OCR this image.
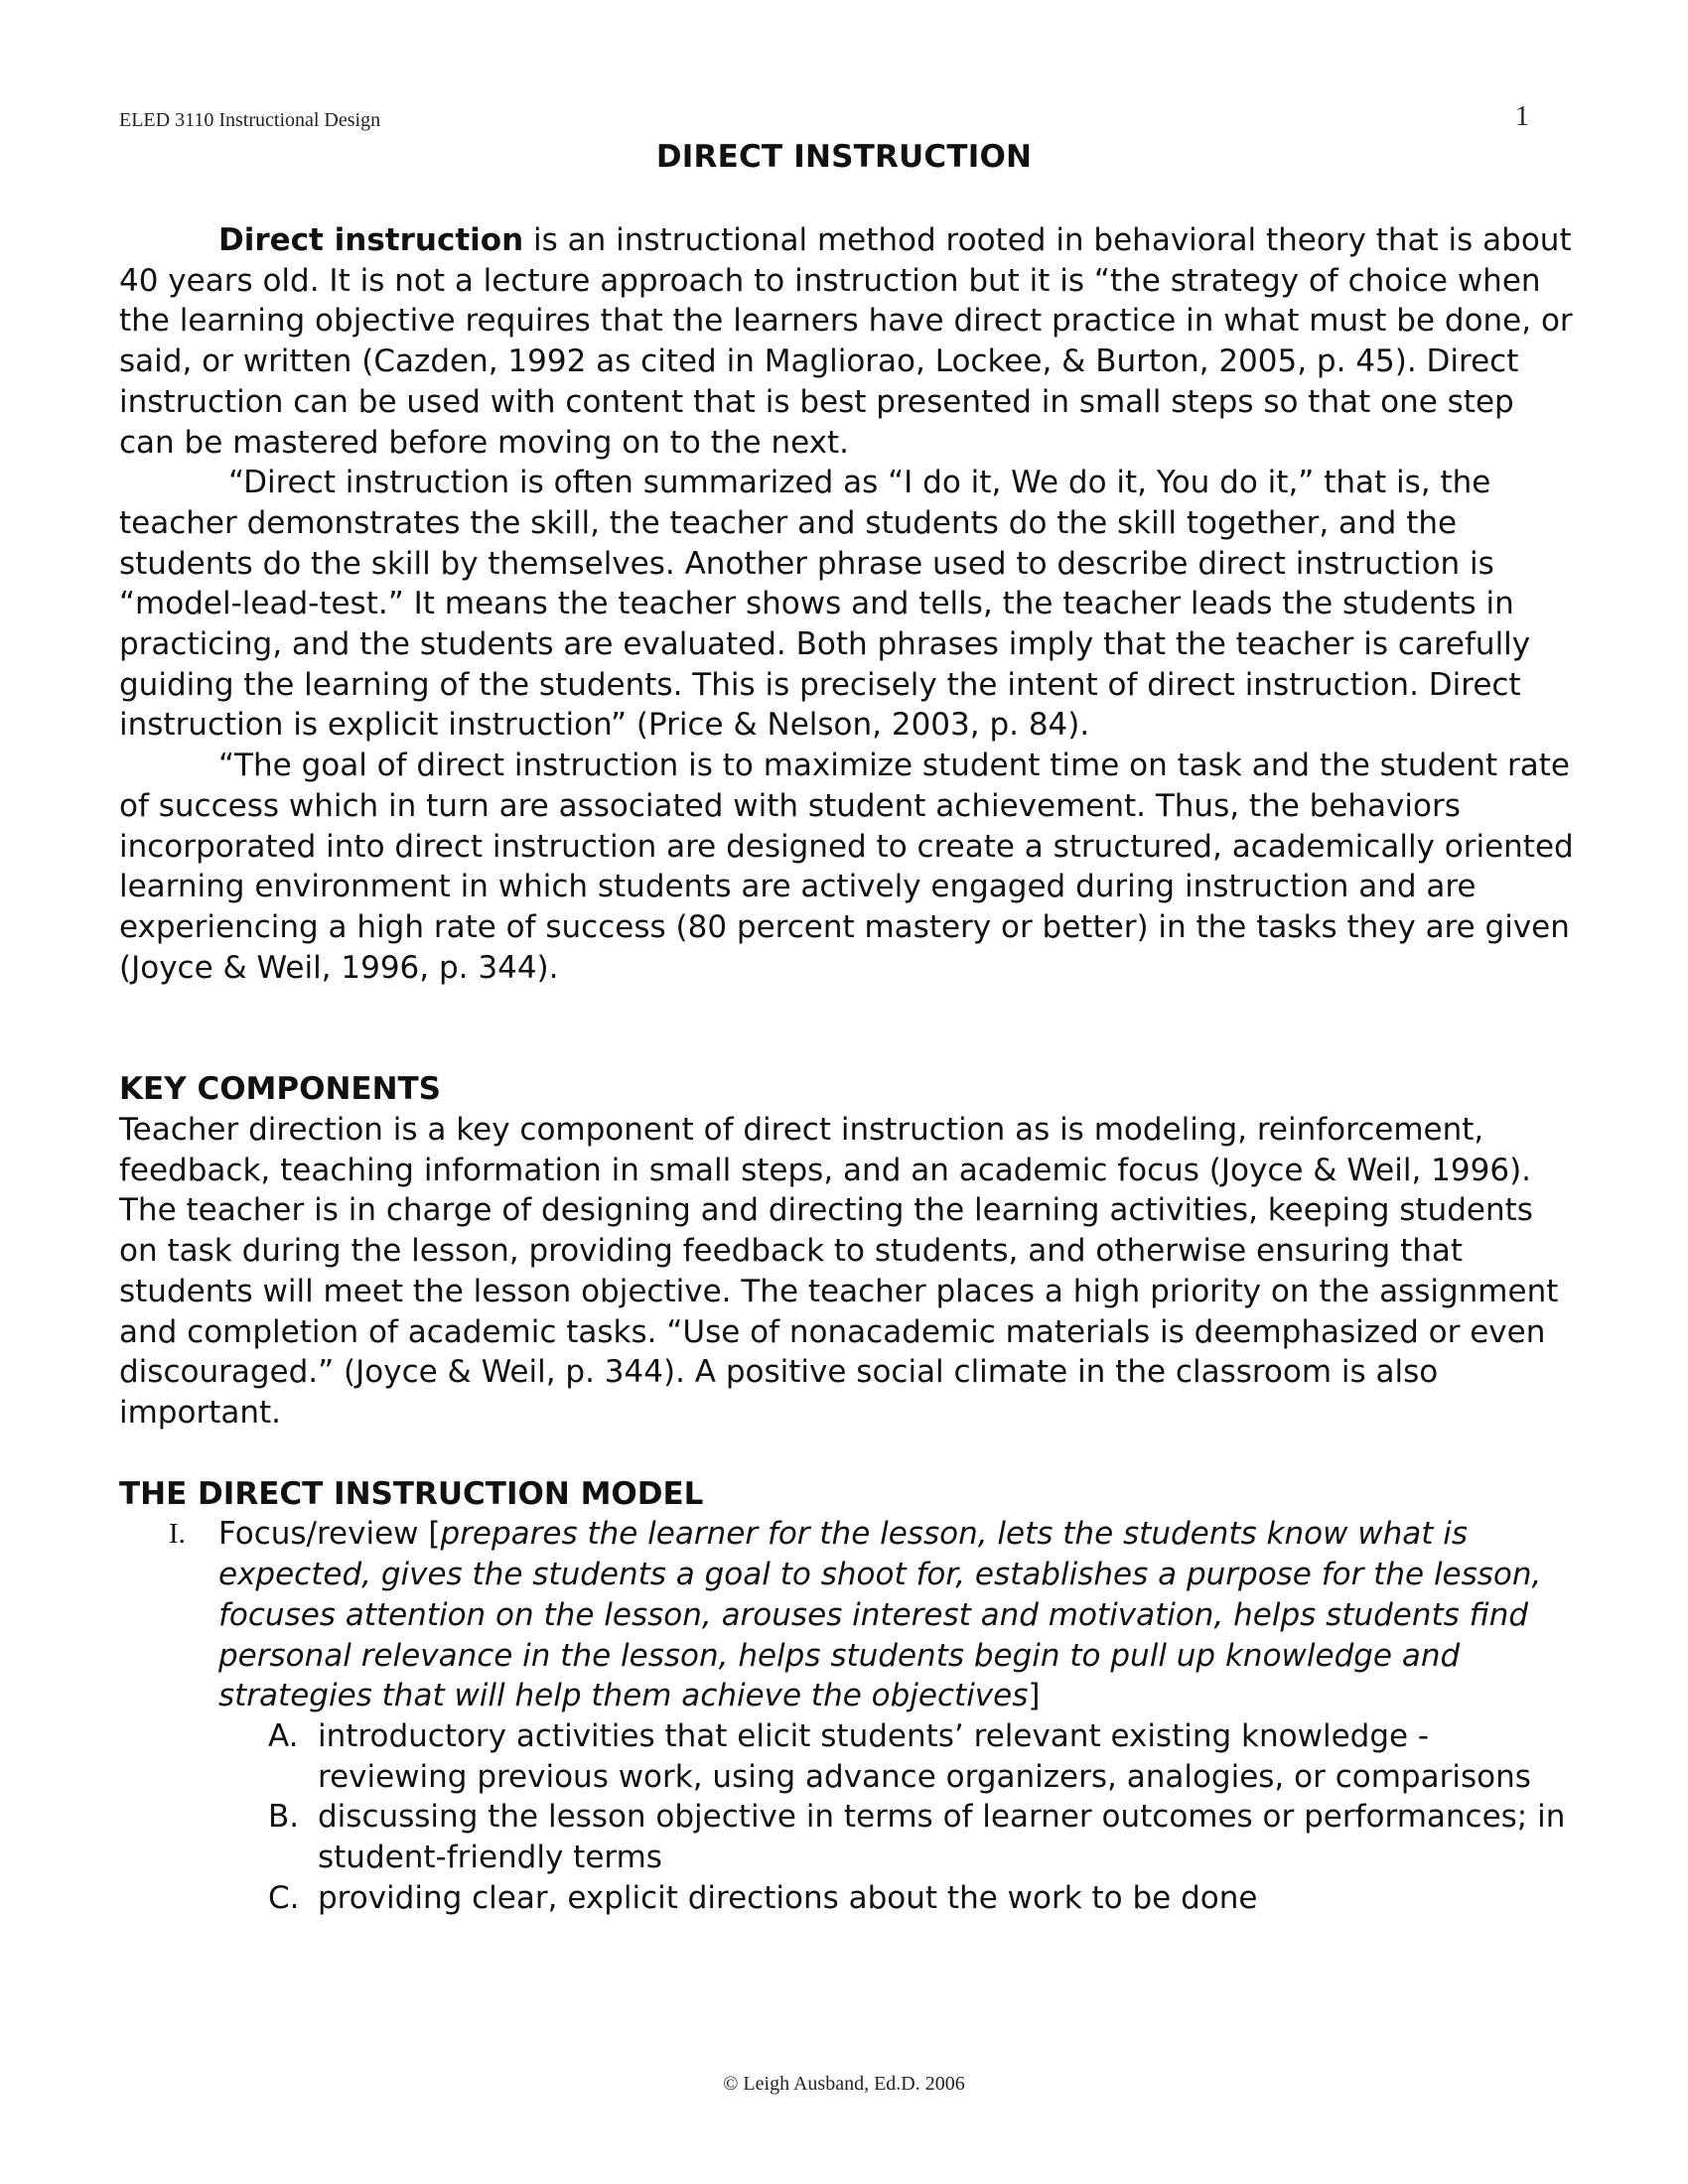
ELED 3110 Instructional Design	1
DIRECT INSTRUCTION

Direct instruction is an instructional method rooted in behavioral theory that is about 40 years old. It is not a lecture approach to instruction but it is “the strategy of choice when the learning objective requires that the learners have direct practice in what must be done, or said, or written (Cazden, 1992 as cited in Magliorao, Lockee, & Burton, 2005, p. 45). Direct instruction can be used with content that is best presented in small steps so that one step can be mastered before moving on to the next.

“Direct instruction is often summarized as “I do it, We do it, You do it,” that is, the teacher demonstrates the skill, the teacher and students do the skill together, and the students do the skill by themselves. Another phrase used to describe direct instruction is “model-lead-test.” It means the teacher shows and tells, the teacher leads the students in practicing, and the students are evaluated. Both phrases imply that the teacher is carefully guiding the learning of the students. This is precisely the intent of direct instruction. Direct instruction is explicit instruction” (Price & Nelson, 2003, p. 84).

“The goal of direct instruction is to maximize student time on task and the student rate of success which in turn are associated with student achievement. Thus, the behaviors incorporated into direct instruction are designed to create a structured, academically oriented learning environment in which students are actively engaged during instruction and are experiencing a high rate of success (80 percent mastery or better) in the tasks they are given (Joyce & Weil, 1996, p. 344).

KEY COMPONENTS

Teacher direction is a key component of direct instruction as is modeling, reinforcement, feedback, teaching information in small steps, and an academic focus (Joyce & Weil, 1996). The teacher is in charge of designing and directing the learning activities, keeping students on task during the lesson, providing feedback to students, and otherwise ensuring that students will meet the lesson objective. The teacher places a high priority on the assignment and completion of academic tasks. “Use of nonacademic materials is deemphasized or even discouraged.” (Joyce & Weil, p. 344). A positive social climate in the classroom is also important.

THE DIRECT INSTRUCTION MODEL
I. Focus/review [prepares the learner for the lesson, lets the students know what is expected, gives the students a goal to shoot for, establishes a purpose for the lesson, focuses attention on the lesson, arouses interest and motivation, helps students find personal relevance in the lesson, helps students begin to pull up knowledge and strategies that will help them achieve the objectives]
A. introductory activities that elicit students’ relevant existing knowledge - reviewing previous work, using advance organizers, analogies, or comparisons
B. discussing the lesson objective in terms of learner outcomes or performances; in student-friendly terms
C. providing clear, explicit directions about the work to be done
© Leigh Ausband, Ed.D. 2006
